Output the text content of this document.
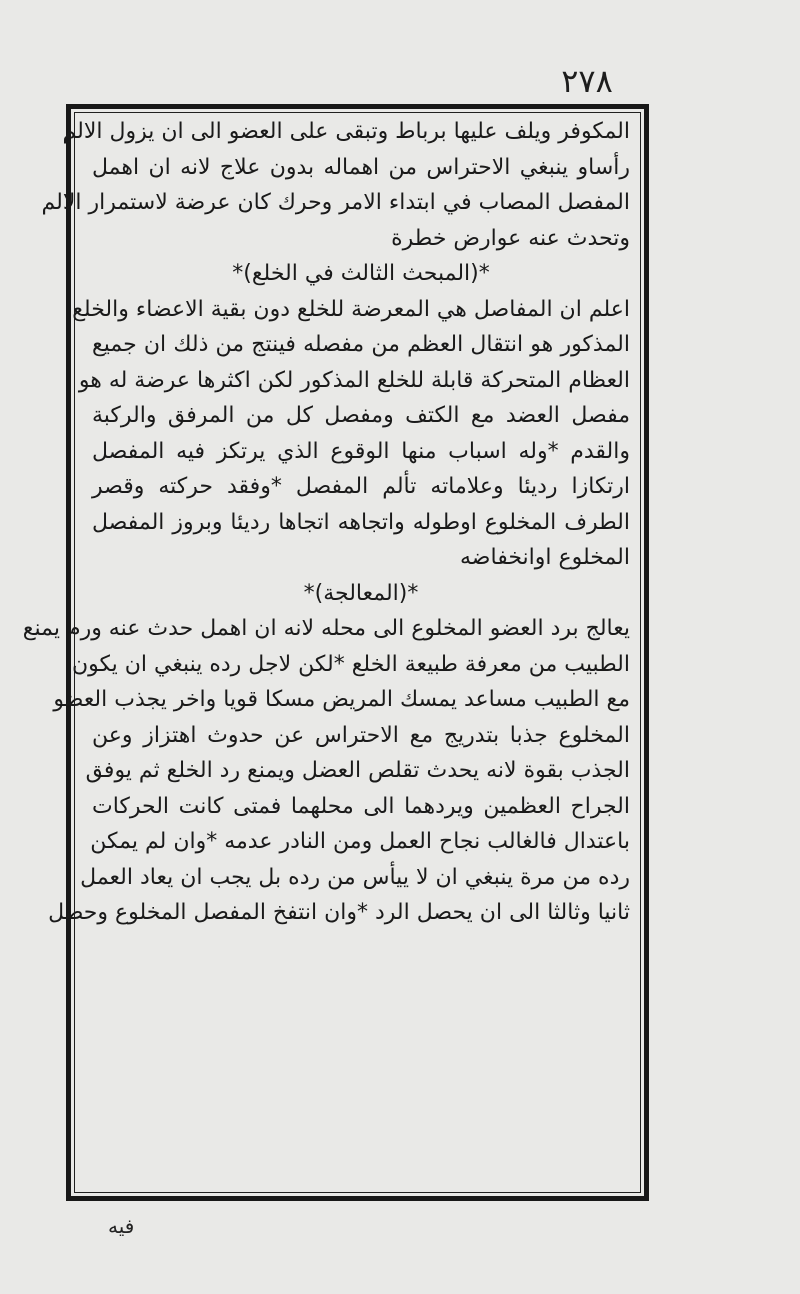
٢٧٨
المكوفر ويلف عليها برباط وتبقى على العضو الى ان يزول الالم
رأساو ينبغي الاحتراس من اهماله بدون علاج لانه ان اهمل
المفصل المصاب في ابتداء الامر وحرك كان عرضة لاستمرار الالم
وتحدث عنه عوارض خطرة
*(المبحث الثالث في الخلع)*
اعلم ان المفاصل هي المعرضة للخلع دون بقية الاعضاء والخلع
المذكور هو انتقال العظم من مفصله فينتج من ذلك ان جميع
العظام المتحركة قابلة للخلع المذكور لكن اكثرها عرضة له هو
مفصل العضد مع الكتف ومفصل كل من المرفق والركبة
والقدم *وله اسباب منها الوقوع الذي يرتكز فيه المفصل
ارتكازا رديئا وعلاماته تألم المفصل *وفقد حركته وقصر
الطرف المخلوع اوطوله واتجاهه اتجاها رديئا وبروز المفصل
المخلوع اوانخفاضه
*(المعالجة)*
يعالج برد العضو المخلوع الى محله لانه ان اهمل حدث عنه ورم يمنع
الطبيب من معرفة طبيعة الخلع *لكن لاجل رده ينبغي ان يكون
مع الطبيب مساعد يمسك المريض مسكا قويا واخر يجذب العضو
المخلوع جذبا بتدريج مع الاحتراس عن حدوث اهتزاز وعن
الجذب بقوة لانه يحدث تقلص العضل ويمنع رد الخلع ثم يوفق
الجراح العظمين ويردهما الى محلهما فمتى كانت الحركات
باعتدال فالغالب نجاح العمل ومن النادر عدمه *وان لم يمكن
رده من مرة ينبغي ان لا ييأس من رده بل يجب ان يعاد العمل
ثانيا وثالثا الى ان يحصل الرد *وان انتفخ المفصل المخلوع وحصل
فيه
